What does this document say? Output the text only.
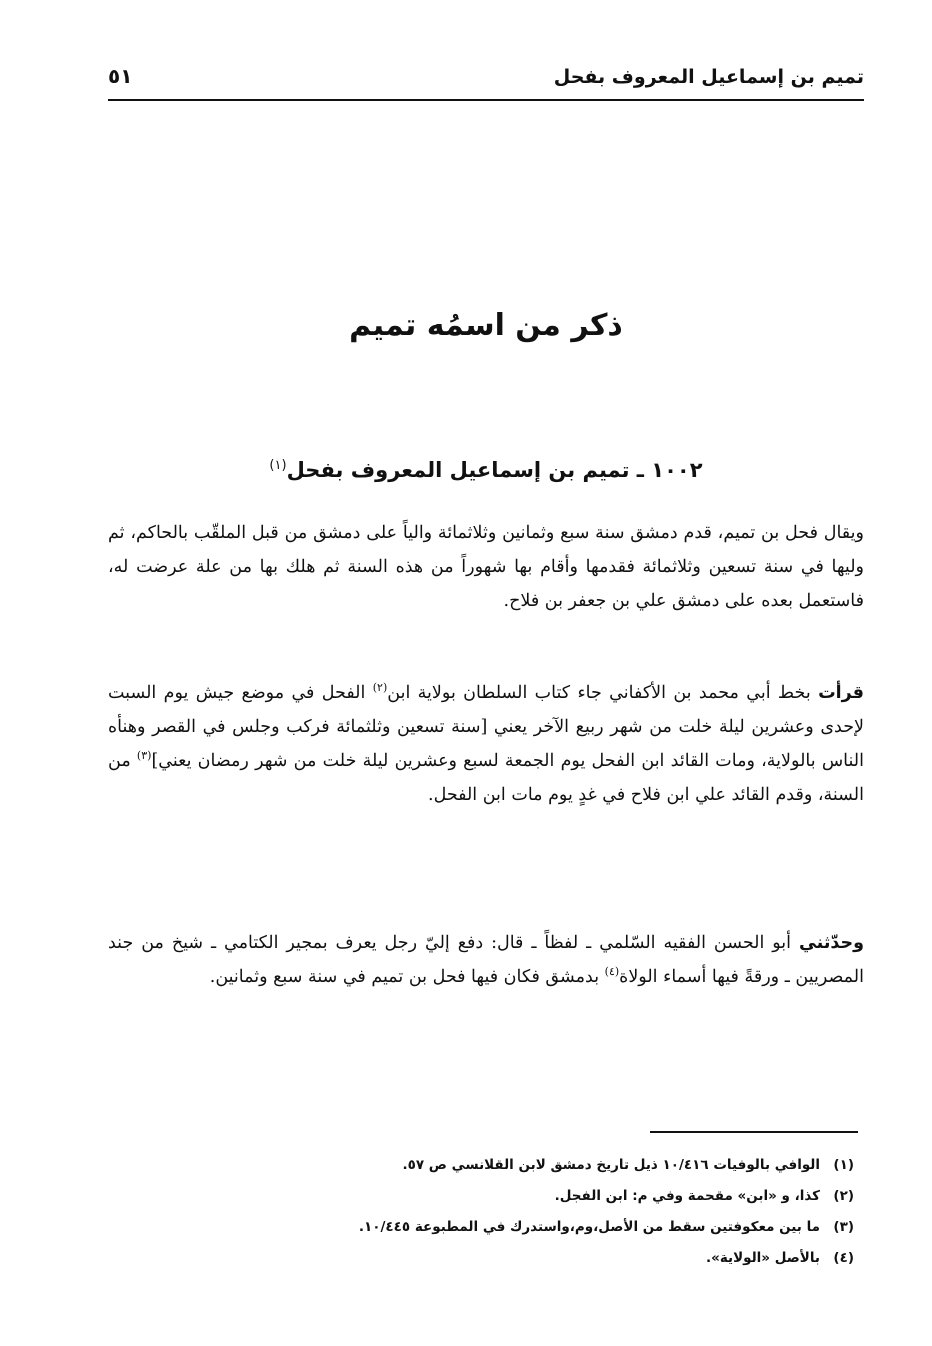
تميم بن إسماعيل المعروف بفحل
٥١
ذكر من اسمُه تميم
١٠٠٢ ـ تميم بن إسماعيل المعروف بفحل$^{(١)}$
ويقال فحل بن تميم، قدم دمشق سنة سبع وثمانين وثلاثمائة والياً على دمشق من قبل الملقّب بالحاكم، ثم وليها في سنة تسعين وثلاثمائة فقدمها وأقام بها شهوراً من هذه السنة ثم هلك بها من علة عرضت له، فاستعمل بعده على دمشق علي بن جعفر بن فلاح.
قرأت بخط أبي محمد بن الأكفاني جاء كتاب السلطان بولاية ابن$^{(٢)}$ الفحل في موضع جيش يوم السبت لإحدى وعشرين ليلة خلت من شهر ربيع الآخر يعني [سنة تسعين وثلثمائة فركب وجلس في القصر وهنأه الناس بالولاية، ومات القائد ابن الفحل يوم الجمعة لسبع وعشرين ليلة خلت من شهر رمضان يعني]$^{(٣)}$ من السنة، وقدم القائد علي ابن فلاح في غدٍ يوم مات ابن الفحل.
وحدّثني أبو الحسن الفقيه السّلمي ـ لفظاً ـ قال: دفع إليّ رجل يعرف بمجير الكتامي ـ شيخ من جند المصريين ـ ورقةً فيها أسماء الولاة$^{(٤)}$ بدمشق فكان فيها فحل بن تميم في سنة سبع وثمانين.
(١)الوافي بالوفيات ١٠/٤١٦ ذيل تاريخ دمشق لابن القلانسي ص ٥٧.
(٢)كذا، و «ابن» مقحمة وفي م: ابن الفجل.
(٣)ما بين معكوفتين سقط من الأصل،وم،واستدرك في المطبوعة ١٠/٤٤٥.
(٤)بالأصل «الولاية».
